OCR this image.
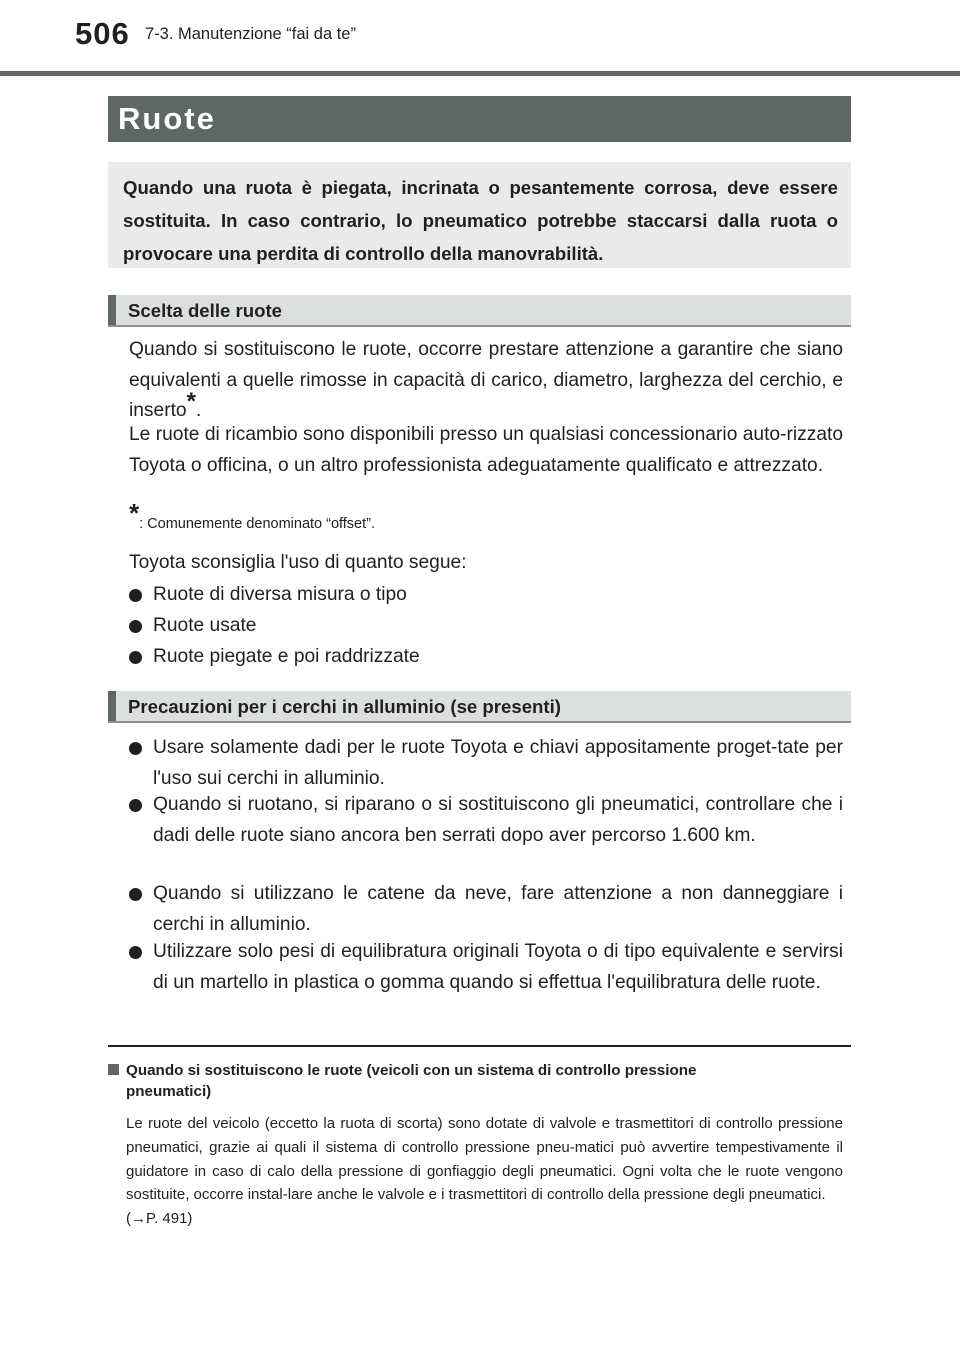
506 7-3. Manutenzione “fai da te”
Ruote
Quando una ruota è piegata, incrinata o pesantemente corrosa, deve essere sostituita. In caso contrario, lo pneumatico potrebbe staccarsi dalla ruota o provocare una perdita di controllo della manovrabilità.
Scelta delle ruote

Quando si sostituiscono le ruote, occorre prestare attenzione a garantire che siano equivalenti a quelle rimosse in capacità di carico, diametro, larghezza del cerchio, e inserto*.

Le ruote di ricambio sono disponibili presso un qualsiasi concessionario auto-rizzato Toyota o officina, o un altro professionista adeguatamente qualificato e attrezzato.

*: Comunemente denominato “offset”.

Toyota sconsiglia l'uso di quanto segue:

Ruote di diversa misura o tipo
Ruote usate
Ruote piegate e poi raddrizzate
Precauzioni per i cerchi in alluminio (se presenti)
Usare solamente dadi per le ruote Toyota e chiavi appositamente proget-tate per l'uso sui cerchi in alluminio.
Quando si ruotano, si riparano o si sostituiscono gli pneumatici, controllare che i dadi delle ruote siano ancora ben serrati dopo aver percorso 1.600 km.
Quando si utilizzano le catene da neve, fare attenzione a non danneggiare i cerchi in alluminio.
Utilizzare solo pesi di equilibratura originali Toyota o di tipo equivalente e servirsi di un martello in plastica o gomma quando si effettua l'equilibratura delle ruote.
Quando si sostituiscono le ruote (veicoli con un sistema di controllo pressione
pneumatici)
Le ruote del veicolo (eccetto la ruota di scorta) sono dotate di valvole e trasmettitori di controllo pressione pneumatici, grazie ai quali il sistema di controllo pressione pneu-matici può avvertire tempestivamente il guidatore in caso di calo della pressione di gonfiaggio degli pneumatici. Ogni volta che le ruote vengono sostituite, occorre instal-lare anche le valvole e i trasmettitori di controllo della pressione degli pneumatici.
(→P. 491)
